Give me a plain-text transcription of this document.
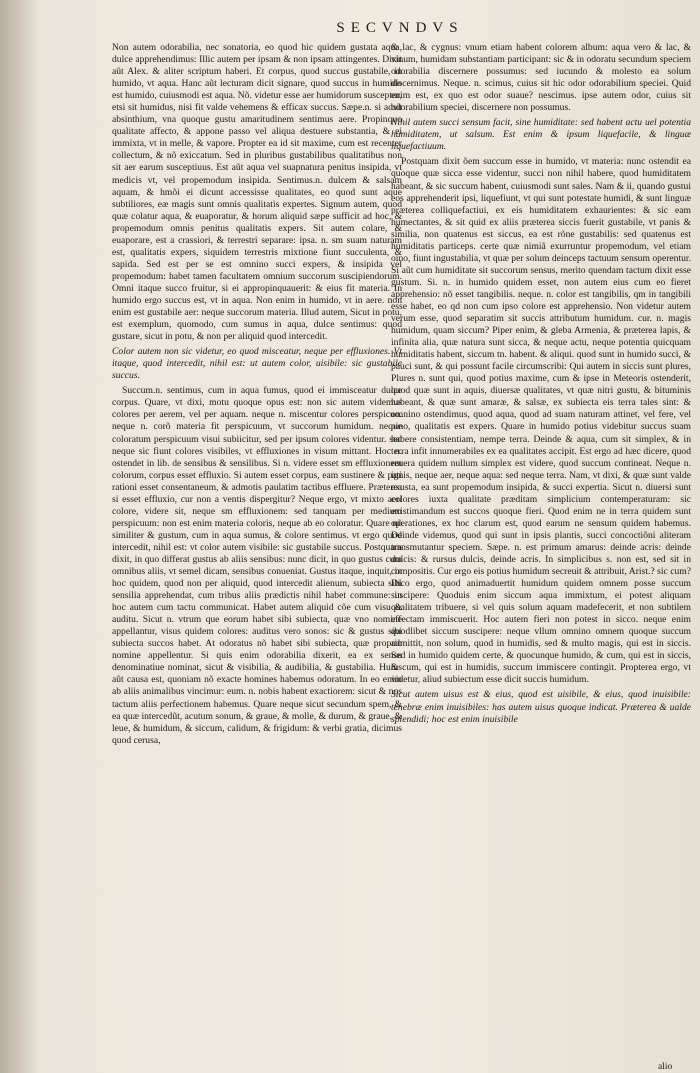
SECVNDVS

Non autem odorabilia, nec sonatoria, eo quod hic quidem gustata aqua, dulce apprehendimus: Illic autem per ipsam & non ipsam attingentes. Dixit aũt Alex. & aliter scriptum haberi. Et corpus, quod succus gustabile, in humido, vt aqua. Hanc aũt lecturam dicit signare, quod succus in humido est humido, cuiusmodi est aqua. Nõ. videtur esse aer humidorum susceptor, etsi sit humidus, nisi fit valde vehemens & efficax succus. Sæpe.n. si adsit absinthium, vna quoque gustu amaritudinem sentimus aere. Propinquo qualitate affecto, & appone passo vel aliqua destuere substantia, & ei immixta, vt in melle, & vapore. Propter ea id sit maxime, cum est recenter collectum, & nõ exiccatum. Sed in pluribus gustabilibus qualitatibus non sit aer earum susceptiuus. Est aũt aqua vel suapnatura penitus insipida, vt medicis vt, vel propemodum insipida. Sentimus.n. dulcem & salsam aquam, & hmõi ei dicunt accessisse qualitates, eo quod sunt aque subtiliores, eæ magis sunt omnis qualitatis expertes. Signum autem, quod quæ colatur aqua, & euaporatur, & horum aliquid sæpe sufficit ad hoc, & propemodum omnis penitus qualitatis expers. Sit autem colare, & euaporare, est a crassiori, & terrestri separare: ipsa. n. sm suam naturam est, qualitatis expers, siquidem terrestris mixtione fiunt succulenta, & sapida. Sed est per se est omnino succi expers, & insipida vel propemodum: habet tamen facultatem omnium succorum suscipiendorum. Omni itaque succo fruitur, si ei appropinquauerit: & eius fit materia. In humido ergo succus est, vt in aqua. Non enim in humido, vt in aere. non enim est gustabile aer: neque succorum materia. Illud autem, Sicut in potu, est exemplum, quomodo, cum sumus in aqua, dulce sentimus: quod gustare, sicut in potu, & non per aliquid quod intercedit.

Color autem non sic videtur, eo quod misceatur, neque per effluxiones. Vt itaque, quod intercedit, nihil est: ut autem color, uisibile: sic gustabile succus.

Succum.n. sentimus, cum in aqua fumus, quod ei immisceatur dulce corpus. Quare, vt dixi, motu quoque opus est: non sic autem videmus colores per aerem, vel per aquam. neque n. miscentur colores perspicuo. neque n. corõ materia fit perspicuum, vt succorum humidum. neque coloratum perspicuum visui subiicitur, sed per ipsum colores videntur. sed neque sic fiunt colores visibiles, vt effluxiones in visum mittant. Hoc n. ostendet in lib. de sensibus & sensilibus. Si n. videre esset sm effluxionem colorum, corpus esset effluxio. Si autem esset corpus, eam sustinere & pati rationi esset consentaneum, & admotis paulatim tactibus effluere. Præterea si esset effluxio, cur non a ventis dispergitur? Neque ergo, vt mixto aeri colore, videre sit, neque sm effluxionem: sed tanquam per medium perspicuum: non est enim materia coloris, neque ab eo coloratur. Quare nõ similiter & gustum, cum in aqua sumus, & colore sentimus. vt ergo quod intercedit, nihil est: vt color autem visibile: sic gustabile succus. Postquam dixit, in quo differat gustus ab aliis sensibus: nunc dicit, in quo gustus cum omnibus aliis, vt semel dicam, sensibus conueniat. Gustus itaque, inquit, in hoc quidem, quod non per aliquid, quod intercedit alienum, subiecta sibi sensilia apprehendat, cum tribus aliis prædictis nihil habet commune: in hoc autem cum tactu communicat. Habet autem aliquid cõe cum visu & auditu. Sicut n. vtrum que eorum habet sibi subiecta, quæ vno nomine appellantur, visus quidem colores: auditus vero sonos: sic & gustus sibi subiecta succos habet. At odoratus nõ habet sibi subiecta, quæ proprio nomine appellentur. Si quis enim odorabilia dixerit, ea ex sensu denominatiue nominat, sicut & visibilia, & audibilia, & gustabilia. Huius aũt causa est, quoniam nõ exacte homines habemus odoratum. In eo enim ab aliis animalibus vincimur: eum. n. nobis habent exactiorem: sicut & nos tactum aliis perfectionem habemus. Quare neque sicut secundum spem, & ea quæ intercedũt, acutum sonum, & graue, & molle, & durum, & graue, & leue, & humidum, & siccum, calidum, & frigidum: & verbi gratia, dicimus quod cerusa,

& lac, & cygnus: vnum etiam habent colorem album: aqua vero & lac, & vinum, humidam substantiam participant: sic & in odoratu secundum speciem odorabilia discernere possumus: sed iucundo & molesto ea solum discernimus. Neque. n. scimus, cuius sit hic odor odorabilium speciei. Quid enim est, ex quo est odor suaue? nescimus. ipse autem odor, cuius sit odorabilium speciei, discernere non possumus.

Nihil autem succi sensum facit, sine humiditate: sed habent actu uel potentia humiditatem, ut salsum. Est enim & ipsum liquefacile, & linguæ liquefactiuum.

Postquam dixit õem succum esse in humido, vt materia: nunc ostendit ea quoque quæ sicca esse videntur, succi non nihil habere, quod humiditatem habeant, & sic succum habent, cuiusmodi sunt sales. Nam & ii, quando gustui eos apprehenderit ipsi, liquefiunt, vt qui sunt potestate humidi, & sunt linguæ præterea colliquefactiui, ex eis humiditatem exhaurientes: & sic eam humectantes, & sit quid ex aliis præterea siccis fuerit gustabile, vt panis & similia, non quatenus est siccus, ea est rõne gustabilis: sed quatenus est humiditatis particeps. certe quæ nimiã exurruntur propemodum, vel etiam oino, fiunt ingustabilia, vt quæ per solum deinceps tactuum sensum operentur. Si aũt cum humiditate sit succorum sensus, merito quendam tactum dixit esse gustum. Si. n. in humido quidem esset, non autem eius cum eo fieret apprehensio: nõ esset tangibilis. neque. n. color est tangibilis, qm in tangibili esse habet, eo qd non cum ipso colore est apprehensio. Non videtur autem verum esse, quod separatim sit succis attributum humidum. cur. n. magis humidum, quam siccum? Piper enim, & gleba Armenia, & præterea lapis, & infinita alia, quæ natura sunt sicca, & neque actu, neque potentia quicquam humiditatis habent, siccum tn. habent. & aliqui. quod sunt in humido succi, & pauci sunt, & qui possunt facile circumscribi: Qui autem in siccis sunt plures, Plures n. sunt qui, quod potius maxime, cum & ipse in Meteoris ostenderit, quod quæ sunt in aquis, diuersæ qualitates, vt quæ nitri gustu, & bituminis habeant, & quæ sunt amaræ, & salsæ, ex subiecta eis terra tales sint: & omnino ostendimus, quod aqua, quod ad suam naturam attinet, vel fere, vel oino, qualitatis est expers. Quare in humido potius videbitur succus suam habere consistentiam, nempe terra. Deinde & aqua, cum sit simplex, & in terra infit innumerabiles ex ea qualitates accipit. Est ergo ad hæc dicere, quod reuera quidem nullum simplex est videre, quod succum contineat. Neque n. ignis, neque aer, neque aqua: sed neque terra. Nam, vt dixi, & quæ sunt valde exusta, ea sunt propemodum insipida, & succi expertia. Sicut n. diuersi sunt colores iuxta qualitate præditam simplicium contemperaturam: sic existimandum est succos quoque fieri. Quod enim ne in terra quidem sunt operationes, ex hoc clarum est, quod earum ne sensum quidem habemus. Deinde videmus, quod qui sunt in ipsis plantis, succi concoctiõni aliteram transmutantur speciem. Sæpe. n. est primum amarus: deinde acris: deinde dulcis: & rursus dulcis, deinde acris. In simplicibus s. non est, sed sit in compositis. Cur ergo eis potius humidum secreuit & attribuit, Arist.? sic cum? Dico ergo, quod animaduertit humidum quidem omnem posse succum suscipere: Quoduis enim siccum aqua immixtum, ei potest aliquam qualitatem tribuere, si vel quis solum aquam madefecerit, et non subtilem effectam immiscuerit. Hoc autem fieri non potest in sicco. neque enim quodlibet siccum suscipere: neque vllum omnino omnem quoque succum admittit, non solum, quod in humidis, sed & multo magis, qui est in siccis. Sed in humido quidem certe, & quocunque humido, & cum, qui est in siccis, & cum, qui est in humidis, succum immiscere contingit. Propterea ergo, vt videtur, aliud subiectum esse dicit succis humidum.

Sicut autem uisus est & eius, quod est uisibile, & eius, quod inuisibile: tenebræ enim inuisibiles: has autem uisus quoque indicat. Præterea & ualde splendidi; hoc est enim inuisibile

alio
